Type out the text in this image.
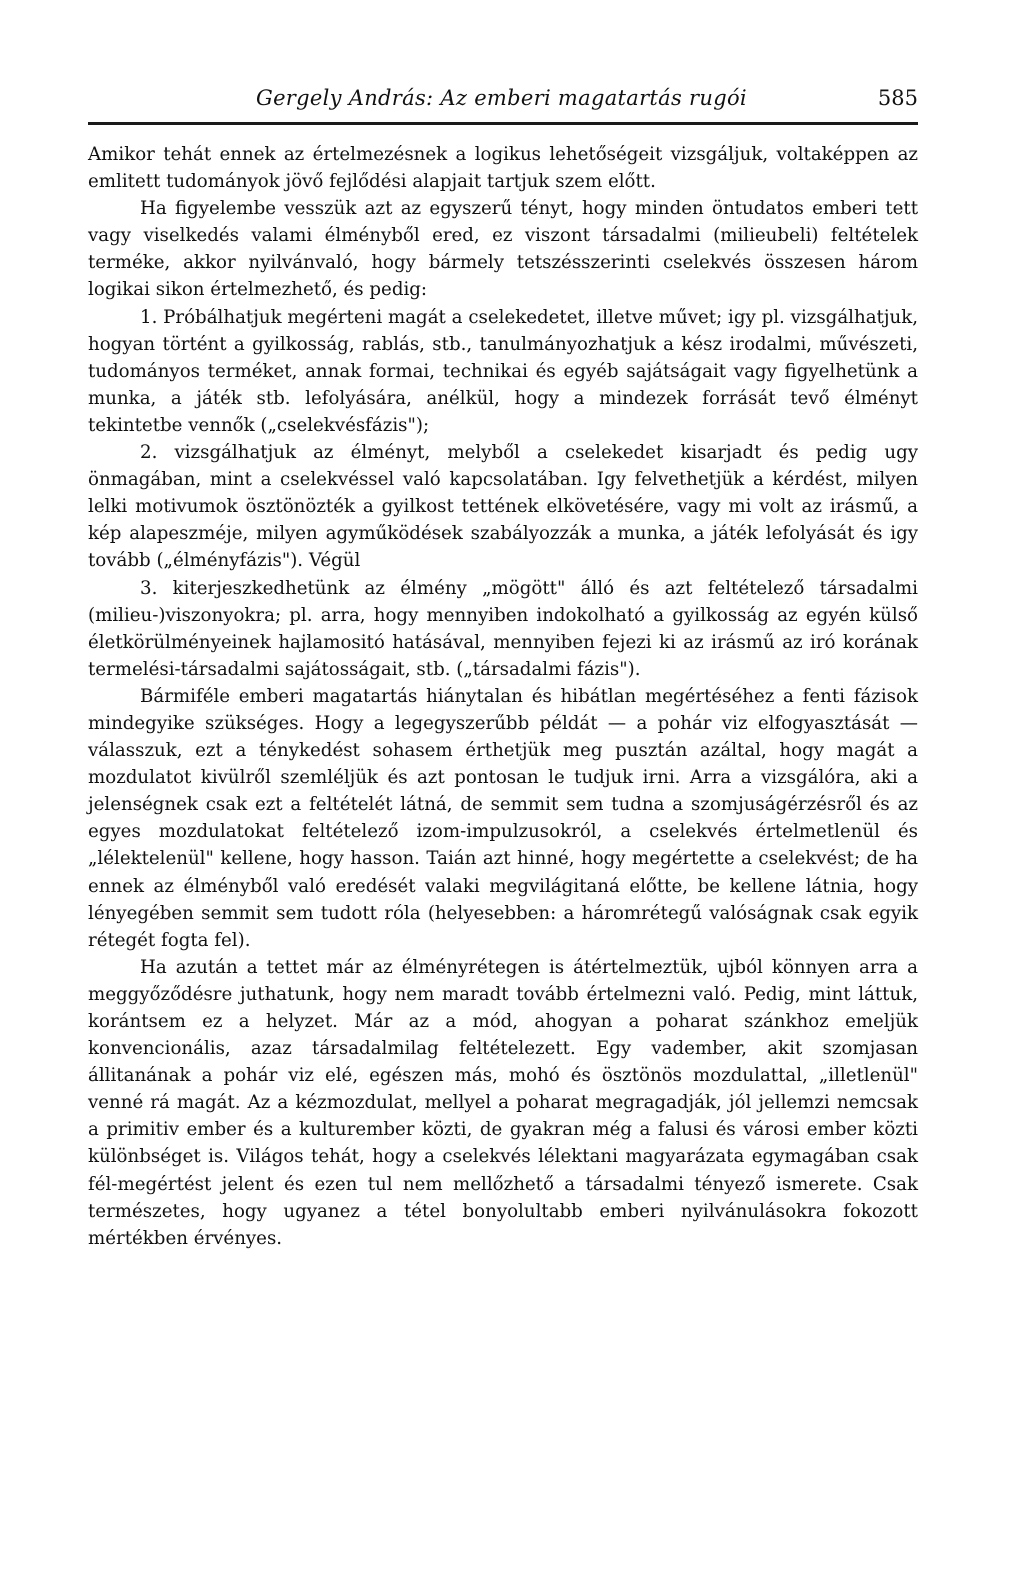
Gergely András: Az emberi magatartás rugói	585

Amikor tehát ennek az értelmezésnek a logikus lehetőségeit vizsgáljuk, voltaképpen az emlitett tudományok jövő fejlődési alapjait tartjuk szem előtt.

Ha figyelembe vesszük azt az egyszerű tényt, hogy minden öntudatos emberi tett vagy viselkedés valami élményből ered, ez viszont társadalmi (milieubeli) feltételek terméke, akkor nyilvánvaló, hogy bármely tetszésszerinti cselekvés összesen három logikai sikon értelmezhető, és pedig:

1. Próbálhatjuk megérteni magát a cselekedetet, illetve művet; igy pl. vizsgálhatjuk, hogyan történt a gyilkosság, rablás, stb., tanulmányozhatjuk a kész irodalmi, művészeti, tudományos terméket, annak formai, technikai és egyéb sajátságait vagy figyelhetünk a munka, a játék stb. lefolyására, anélkül, hogy a mindezek forrását tevő élményt tekintetbe vennők („cselekvésfázis");

2. vizsgálhatjuk az élményt, melyből a cselekedet kisarjadt és pedig ugy önmagában, mint a cselekvéssel való kapcsolatában. Igy felvethetjük a kérdést, milyen lelki motivumok ösztönözték a gyilkost tettének elkövetésére, vagy mi volt az irásmű, a kép alapeszméje, milyen agyműködések szabályozzák a munka, a játék lefolyását és igy tovább („élményfázis"). Végül

3. kiterjeszkedhetünk az élmény „mögött" álló és azt feltételező társadalmi (milieu-)viszonyokra; pl. arra, hogy mennyiben indokolható a gyilkosság az egyén külső életkörülményeinek hajlamositó hatásával, mennyiben fejezi ki az irásmű az iró korának termelési-társadalmi sajátosságait, stb. („társadalmi fázis").

Bármiféle emberi magatartás hiánytalan és hibátlan megértéséhez a fenti fázisok mindegyike szükséges. Hogy a legegyszerűbb példát — a pohár viz elfogyasztását — válasszuk, ezt a ténykedést sohasem érthetjük meg pusztán azáltal, hogy magát a mozdulatot kivülről szemléljük és azt pontosan le tudjuk irni. Arra a vizsgálóra, aki a jelenségnek csak ezt a feltételét látná, de semmit sem tudna a szomjuságérzésről és az egyes mozdulatokat feltételező izom-impulzusokról, a cselekvés értelmetlenül és „lélektelenül" kellene, hogy hasson. Taián azt hinné, hogy megértette a cselekvést; de ha ennek az élményből való eredését valaki megvilágitaná előtte, be kellene látnia, hogy lényegében semmit sem tudott róla (helyesebben: a háromrétegű valóságnak csak egyik rétegét fogta fel).

Ha azután a tettet már az élményrétegen is átértelmeztük, ujból könnyen arra a meggyőződésre juthatunk, hogy nem maradt tovább értelmezni való. Pedig, mint láttuk, korántsem ez a helyzet. Már az a mód, ahogyan a poharat szánkhoz emeljük konvencionális, azaz társadalmilag feltételezett. Egy vadember, akit szomjasan állitanának a pohár viz elé, egészen más, mohó és ösztönös mozdulattal, „illetlenül" venné rá magát. Az a kézmozdulat, mellyel a poharat megragadják, jól jellemzi nemcsak a primitiv ember és a kulturember közti, de gyakran még a falusi és városi ember közti különbséget is. Világos tehát, hogy a cselekvés lélektani magyarázata egymagában csak fél-megértést jelent és ezen tul nem mellőzhető a társadalmi tényező ismerete. Csak természetes, hogy ugyanez a tétel bonyolultabb emberi nyilvánulásokra fokozott mértékben érvényes.
